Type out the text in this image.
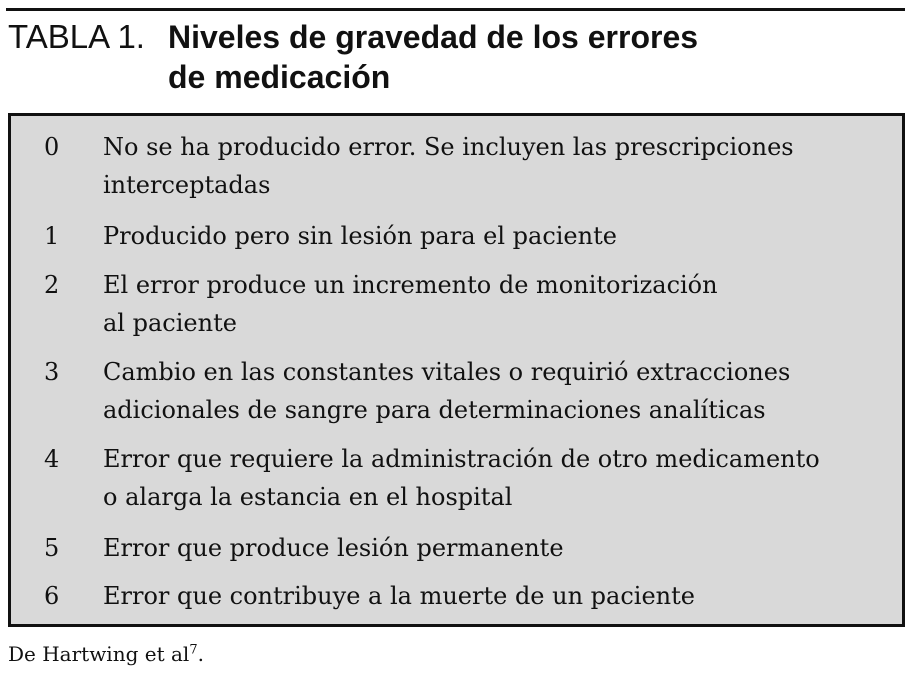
TABLA 1. Niveles de gravedad de los errores
de medicación
0 No se ha producido error. Se incluyen las prescripciones
interceptadas
1 Producido pero sin lesión para el paciente
2 El error produce un incremento de monitorización
al paciente
3 Cambio en las constantes vitales o requirió extracciones
adicionales de sangre para determinaciones analíticas
4 Error que requiere la administración de otro medicamento
o alarga la estancia en el hospital
5 Error que produce lesión permanente
6 Error que contribuye a la muerte de un paciente
De Hartwing et $al^7$.
